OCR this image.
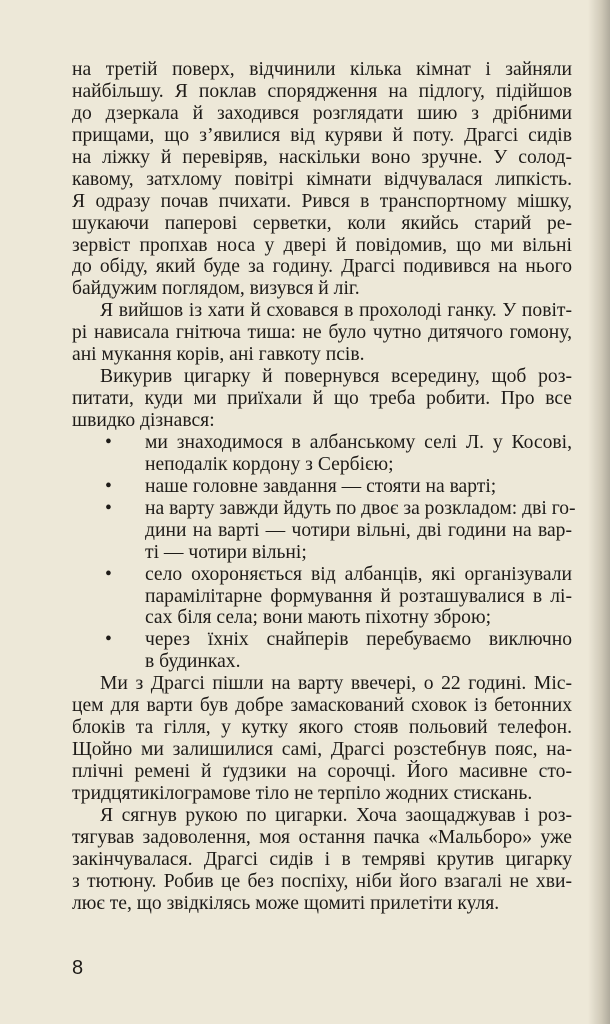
на третій поверх, відчинили кілька кімнат і зайняли
найбільшу. Я поклав спорядження на підлогу, підійшов
до дзеркала й заходився розглядати шию з дрібними
прищами, що з’явилися від куряви й поту. Драгсі сидів
на ліжку й перевіряв, наскільки воно зручне. У солод-
кавому, затхлому повітрі кімнати відчувалася липкість.
Я одразу почав пчихати. Рився в транспортному мішку,
шукаючи паперові серветки, коли якийсь старий ре-
зервіст пропхав носа у двері й повідомив, що ми вільні
до обіду, який буде за годину. Драгсі подивився на нього
байдужим поглядом, визувся й ліг.
Я вийшов із хати й сховався в прохолоді ганку. У повіт-
рі нависала гнітюча тиша: не було чутно дитячого гомону,
ані мукання корів, ані гавкоту псів.
Викурив цигарку й повернувся всередину, щоб роз-
питати, куди ми приїхали й що треба робити. Про все
швидко дізнався:
• ми знаходимося в албанському селі Л. у Косові,
неподалік кордону з Сербією;
• наше головне завдання — стояти на варті;
• на варту завжди йдуть по двоє за розкладом: дві го-
дини на варті — чотири вільні, дві години на вар-
ті — чотири вільні;
• село охороняється від албанців, які організували
парамілітарне формування й розташувалися в лі-
сах біля села; вони мають піхотну зброю;
• через їхніх снайперів перебуваємо виключно
в будинках.
Ми з Драгсі пішли на варту ввечері, о 22 годині. Міс-
цем для варти був добре замаскований сховок із бетонних
блоків та гілля, у кутку якого стояв польовий телефон.
Щойно ми залишилися самі, Драгсі розстебнув пояс, на-
плічні ремені й ґудзики на сорочці. Його масивне сто-
тридцятикілограмове тіло не терпіло жодних стискань.
Я сягнув рукою по цигарки. Хоча заощаджував і роз-
тягував задоволення, моя остання пачка «Мальборо» уже
закінчувалася. Драгсі сидів і в темряві крутив цигарку
з тютюну. Робив це без поспіху, ніби його взагалі не хви-
лює те, що звідкілясь може щомиті прилетіти куля.
8
